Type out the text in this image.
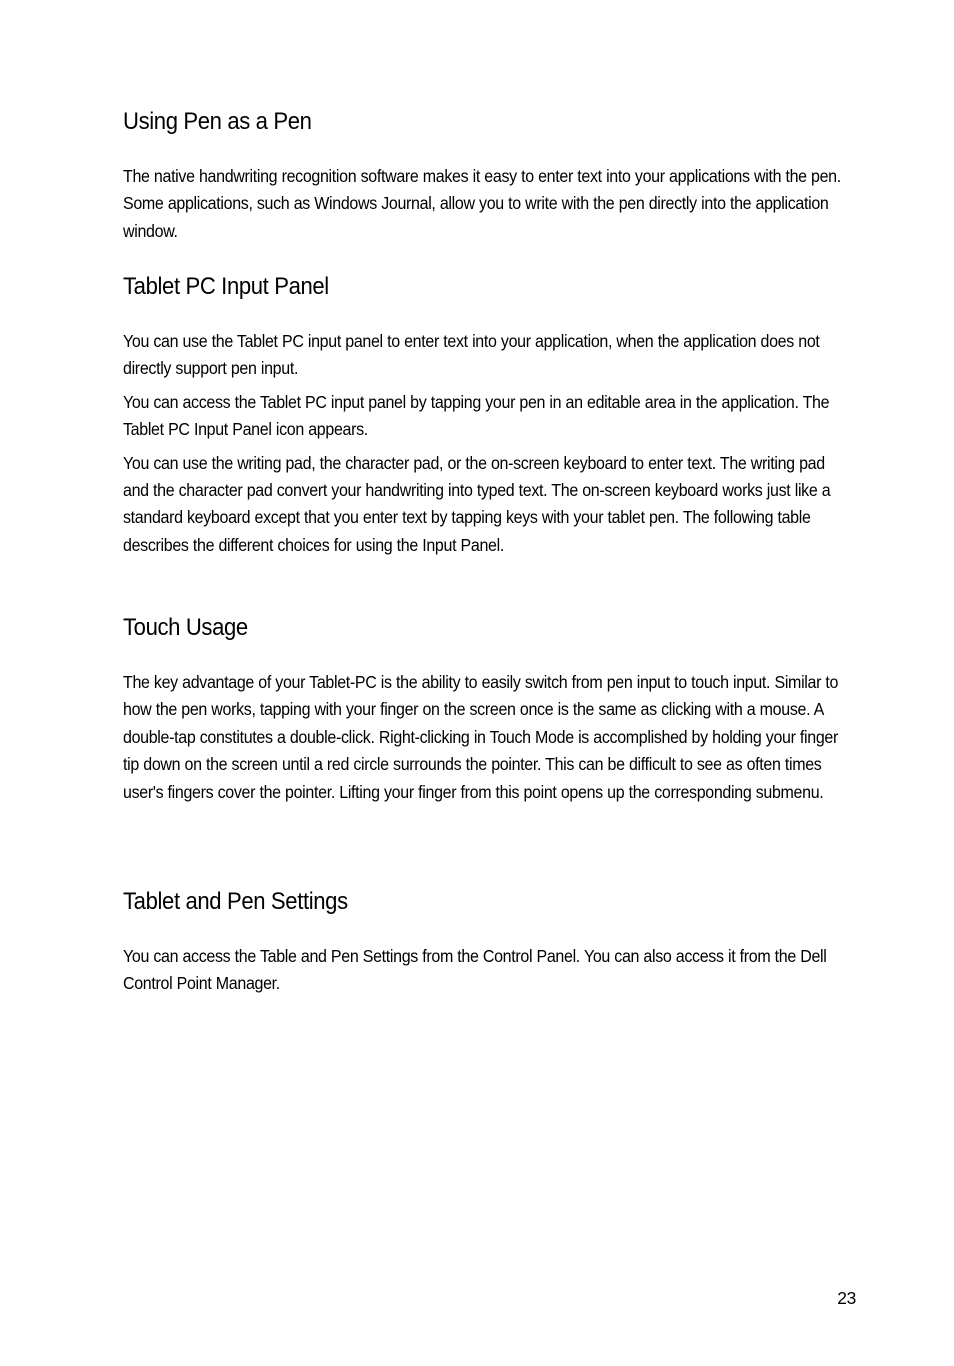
Using Pen as a Pen

The native handwriting recognition software makes it easy to enter text into your applications with the pen. Some applications, such as Windows Journal, allow you to write with the pen directly into the application window.

Tablet PC Input Panel

You can use the Tablet PC input panel to enter text into your application, when the application does not directly support pen input.

You can access the Tablet PC input panel by tapping your pen in an editable area in the application. The Tablet PC Input Panel icon appears.

You can use the writing pad, the character pad, or the on-screen keyboard to enter text. The writing pad and the character pad convert your handwriting into typed text. The on-screen keyboard works just like a standard keyboard except that you enter text by tapping keys with your tablet pen. The following table describes the different choices for using the Input Panel.

Touch Usage

The key advantage of your Tablet-PC is the ability to easily switch from pen input to touch input. Similar to how the pen works, tapping with your finger on the screen once is the same as clicking with a mouse. A double-tap constitutes a double-click. Right-clicking in Touch Mode is accomplished by holding your finger tip down on the screen until a red circle surrounds the pointer. This can be difficult to see as often times user's fingers cover the pointer. Lifting your finger from this point opens up the corresponding submenu.

Tablet and Pen Settings

You can access the Table and Pen Settings from the Control Panel. You can also access it from the Dell Control Point Manager.

23
